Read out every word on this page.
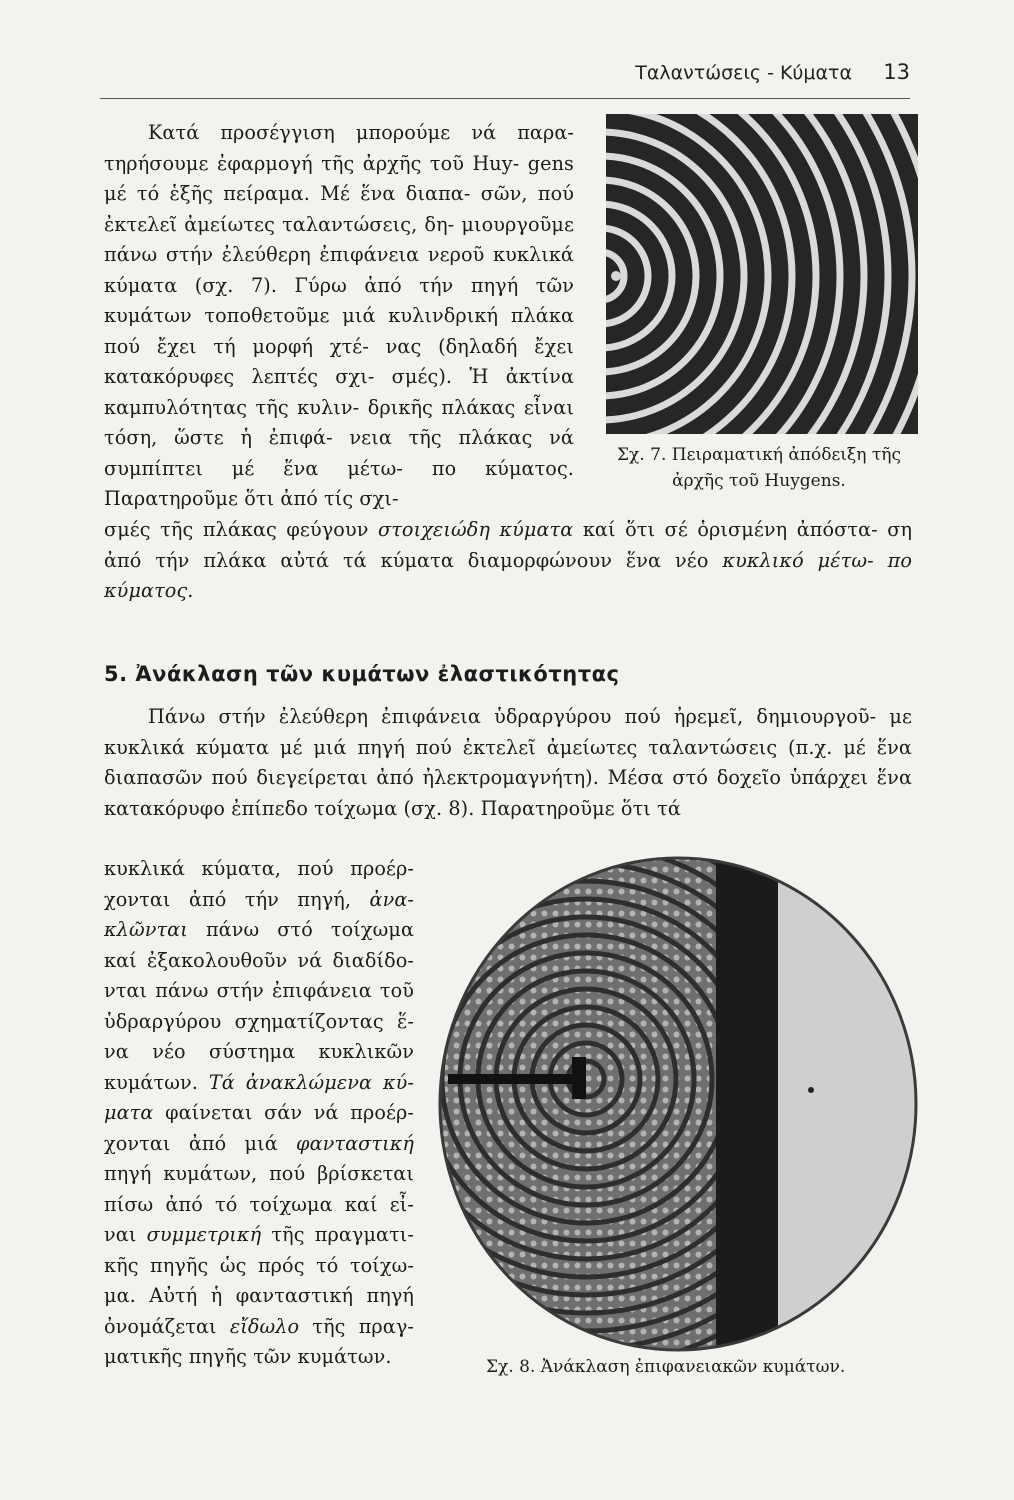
Ταλαντώσεις - Κύματα 13
Κατά προσέγγιση μπορούμε νά παρα- τηρήσουμε ἐφαρμογή τῆς ἀρχῆς τοῦ Huy- gens μέ τό ἑξῆς πείραμα. Μέ ἕνα διαπα- σῶν, πού ἐκτελεῖ ἀμείωτες ταλαντώσεις, δη- μιουργοῦμε πάνω στήν ἐλεύθερη ἐπιφάνεια νεροῦ κυκλικά κύματα (σχ. 7). Γύρω ἀπό τήν πηγή τῶν κυμάτων τοποθετοῦμε μιά κυλινδρική πλάκα πού ἔχει τή μορφή χτέ- νας (δηλαδή ἔχει κατακόρυφες λεπτές σχι- σμές). Ἡ ἀκτίνα καμπυλότητας τῆς κυλιν- δρικῆς πλάκας εἶναι τόση, ὥστε ἡ ἐπιφά- νεια τῆς πλάκας νά συμπίπτει μέ ἕνα μέτω- πο κύματος. Παρατηροῦμε ὅτι ἀπό τίς σχι-
σμές τῆς πλάκας φεύγουν στοιχειώδη κύματα καί ὅτι σέ ὁρισμένη ἀπόστα- ση ἀπό τήν πλάκα αὐτά τά κύματα διαμορφώνουν ἕνα νέο κυκλικό μέτω- πο κύματος.
Σχ. 7. Πειραματική ἀπόδειξη τῆς
ἀρχῆς τοῦ Huygens.
5. Ἀνάκλαση τῶν κυμάτων ἐλαστικότητας
Πάνω στήν ἐλεύθερη ἐπιφάνεια ὑδραργύρου πού ἠρεμεῖ, δημιουργοῦ- με κυκλικά κύματα μέ μιά πηγή πού ἐκτελεῖ ἀμείωτες ταλαντώσεις (π.χ. μέ ἕνα διαπασῶν πού διεγείρεται ἀπό ἠλεκτρομαγνήτη). Μέσα στό δοχεῖο ὑπάρχει ἕνα κατακόρυφο ἐπίπεδο τοίχωμα (σχ. 8). Παρατηροῦμε ὅτι τά
κυκλικά κύματα, πού προέρ- χονται ἀπό τήν πηγή, ἀνα- κλῶνται πάνω στό τοίχωμα καί ἐξακολουθοῦν νά διαδίδο- νται πάνω στήν ἐπιφάνεια τοῦ ὑδραργύρου σχηματίζοντας ἕ- να νέο σύστημα κυκλικῶν κυμάτων. Τά ἀνακλώμενα κύ- ματα φαίνεται σάν νά προέρ- χονται ἀπό μιά φανταστική πηγή κυμάτων, πού βρίσκεται πίσω ἀπό τό τοίχωμα καί εἶ- ναι συμμετρική τῆς πραγματι- κῆς πηγῆς ὡς πρός τό τοίχω- μα. Αὐτή ἡ φανταστική πηγή ὀνομάζεται εἴδωλο τῆς πραγ- ματικῆς πηγῆς τῶν κυμάτων.	Σχ. 8. Ἀνάκλαση ἐπιφανειακῶν κυμάτων.
